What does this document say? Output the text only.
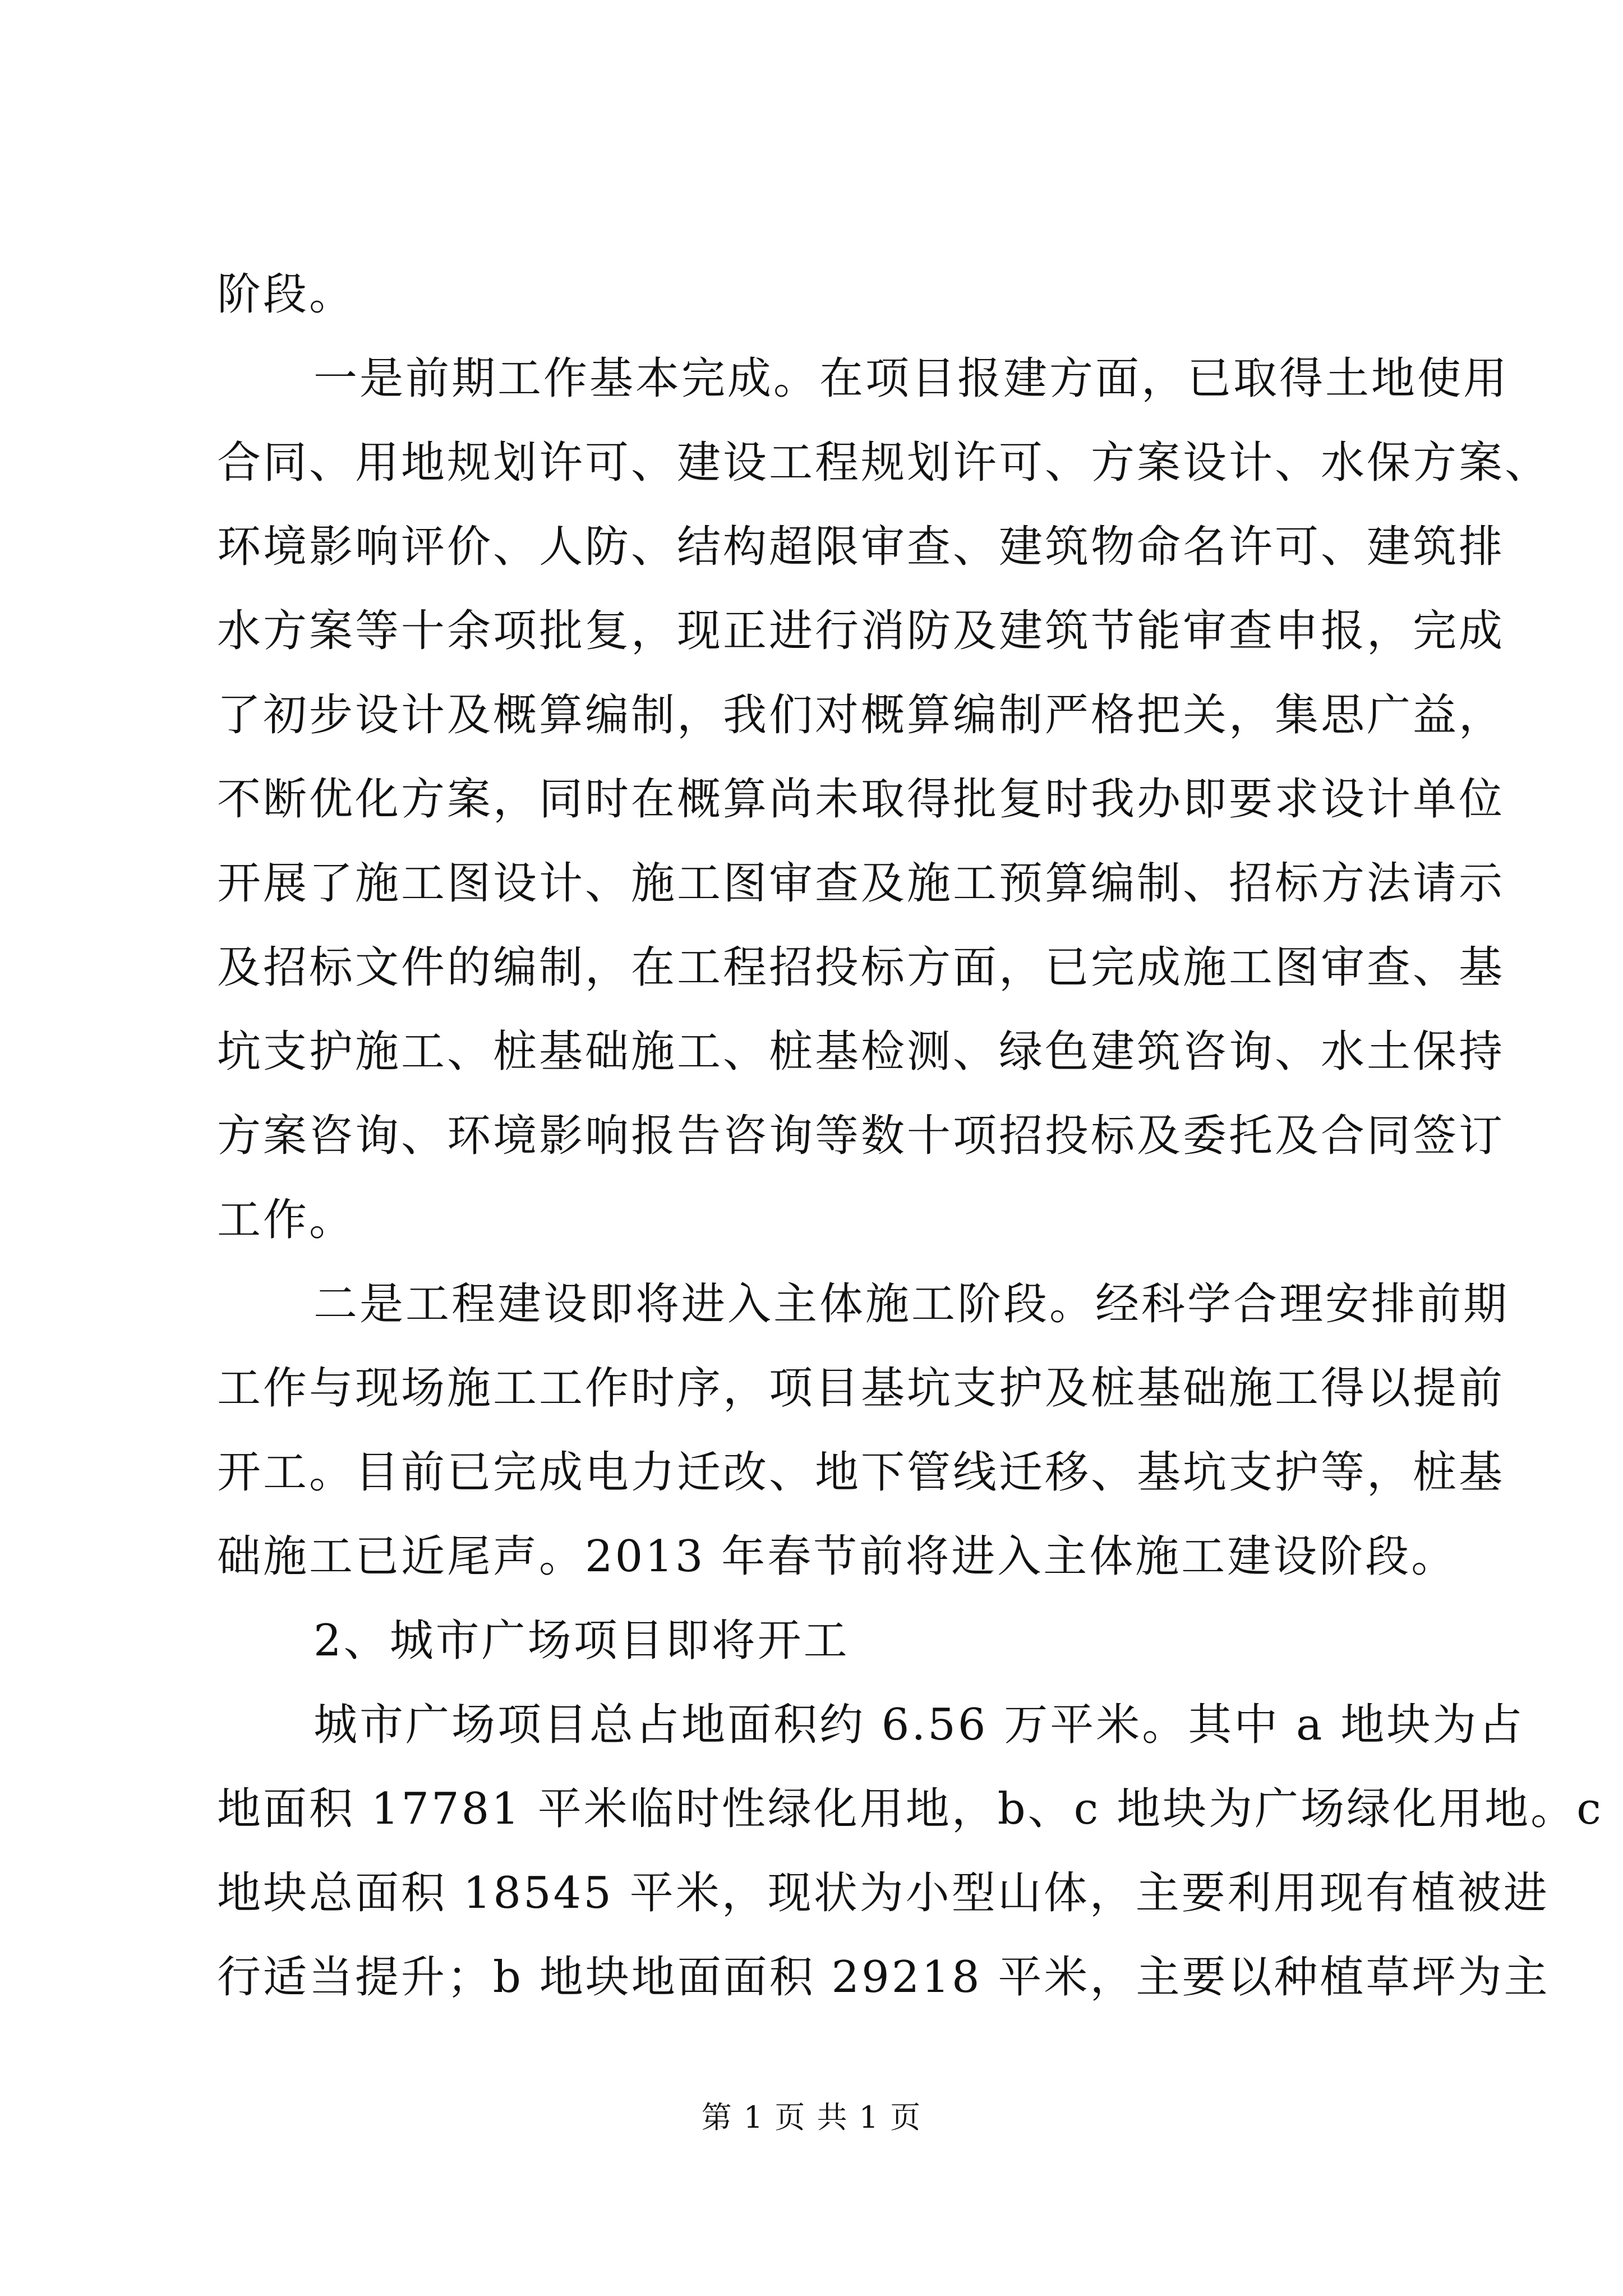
阶段。
一是前期工作基本完成。在项目报建方面，已取得土地使用
合同、用地规划许可、建设工程规划许可、方案设计、水保方案、
环境影响评价、人防、结构超限审查、建筑物命名许可、建筑排
水方案等十余项批复，现正进行消防及建筑节能审查申报，完成
了初步设计及概算编制，我们对概算编制严格把关，集思广益，
不断优化方案，同时在概算尚未取得批复时我办即要求设计单位
开展了施工图设计、施工图审查及施工预算编制、招标方法请示
及招标文件的编制，在工程招投标方面，已完成施工图审查、基
坑支护施工、桩基础施工、桩基检测、绿色建筑咨询、水土保持
方案咨询、环境影响报告咨询等数十项招投标及委托及合同签订
工作。
二是工程建设即将进入主体施工阶段。经科学合理安排前期
工作与现场施工工作时序，项目基坑支护及桩基础施工得以提前
开工。目前已完成电力迁改、地下管线迁移、基坑支护等，桩基
础施工已近尾声。2013 年春节前将进入主体施工建设阶段。
2、城市广场项目即将开工
城市广场项目总占地面积约 6.56 万平米。其中 a 地块为占
地面积 17781 平米临时性绿化用地，b、c 地块为广场绿化用地。c
地块总面积 18545 平米，现状为小型山体，主要利用现有植被进
行适当提升；b 地块地面面积 29218 平米，主要以种植草坪为主
第 1 页 共 1 页
